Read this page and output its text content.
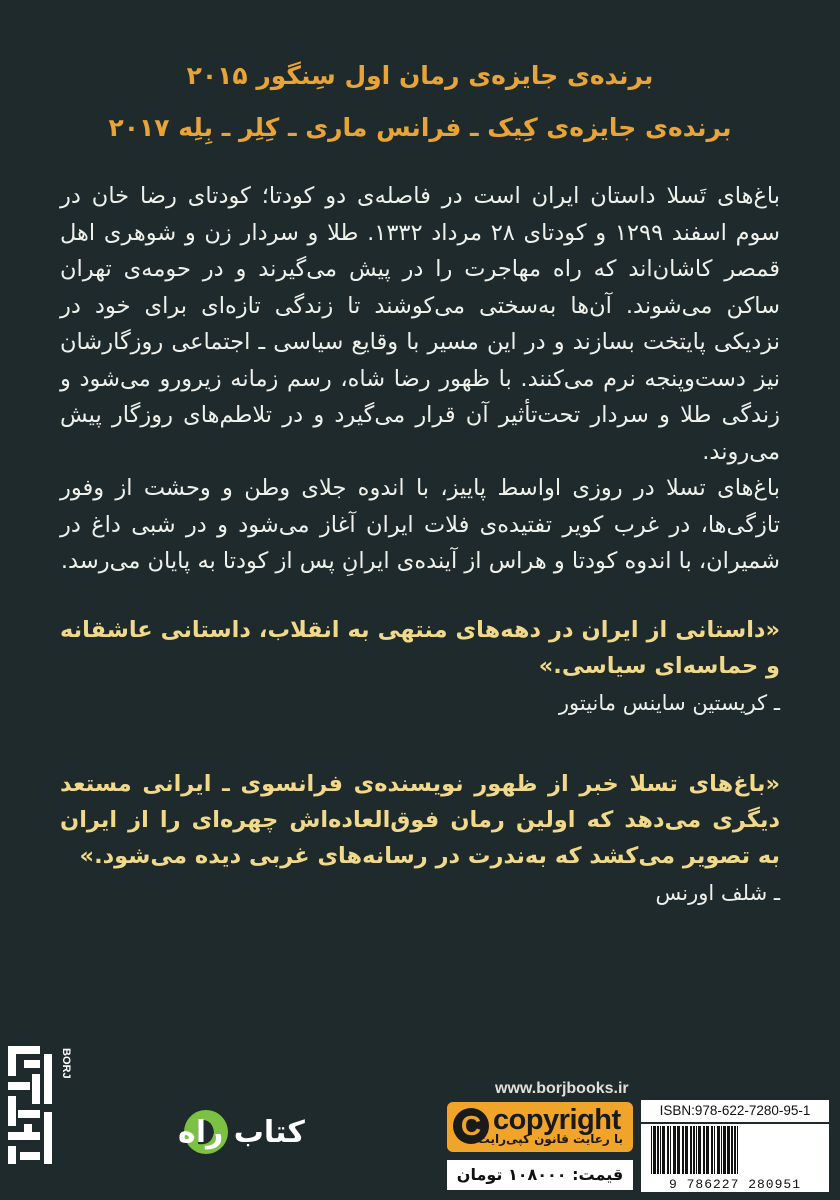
برنده‌ی جایزه‌ی رمان اول سِنگور ۲۰۱۵
برنده‌ی جایزه‌ی کِیک ـ فرانس ماری ـ کِلِر ـ بِلِه ۲۰۱۷

باغ‌های تَسلا داستان ایران است در فاصله‌ی دو کودتا؛ کودتای رضا خان در سوم اسفند ۱۲۹۹ و کودتای ۲۸ مرداد ۱۳۳۲. طلا و سردار زن و شوهری اهل قمصر کاشان‌اند که راه مهاجرت را در پیش می‌گیرند و در حومه‌ی تهران ساکن می‌شوند. آن‌ها به‌سختی می‌کوشند تا زندگی تازه‌ای برای خود در نزدیکی پایتخت بسازند و در این مسیر با وقایع سیاسی ـ اجتماعی روزگارشان نیز دست‌وپنجه نرم می‌کنند. با ظهور رضا شاه، رسم زمانه زیرورو می‌شود و زندگی طلا و سردار تحت‌تأثیر آن قرار می‌گیرد و در تلاطم‌های روزگار پیش می‌روند.

باغ‌های تسلا در روزی اواسط پاییز، با اندوه جلای وطن و وحشت از وفور تازگی‌ها، در غرب کویر تفتیده‌ی فلات ایران آغاز می‌شود و در شبی داغ در شمیران، با اندوه کودتا و هراس از آینده‌ی ایرانِ پس از کودتا به پایان می‌رسد.

«داستانی از ایران در دهه‌های منتهی به انقلاب، داستانی عاشقانه و حماسه‌ای سیاسی.»
ـ کریستین ساینس مانیتور
«باغ‌های تسلا خبر از ظهور نویسنده‌ی فرانسوی ـ ایرانی مستعد دیگری می‌دهد که اولین رمان فوق‌العاده‌اش چهره‌ای را از ایران به تصویر می‌کشد که به‌ندرت در رسانه‌های غربی دیده می‌شود.»
ـ شلف اورنس
BORJ
کتاب راه
www.borjbooks.ir
C copyright
با رعایت قانون کپی‌رایت
قیمت: ۱۰۸۰۰۰ تومان
ISBN:978-622-7280-95-1
9 786227 280951
